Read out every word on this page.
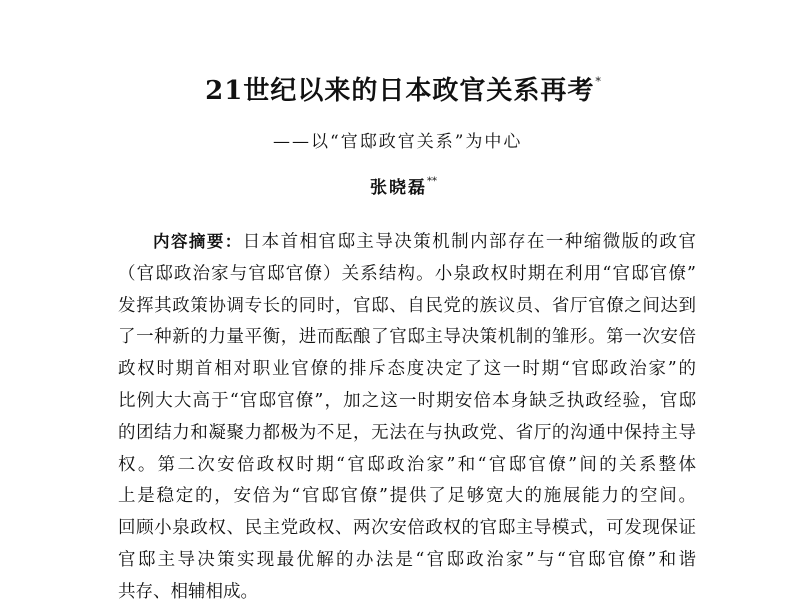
21世纪以来的日本政官关系再考*
——以“官邸政官关系”为中心
张晓磊**
内容摘要：日本首相官邸主导决策机制内部存在一种缩微版的政官
（官邸政治家与官邸官僚）关系结构。小泉政权时期在利用“官邸官僚”
发挥其政策协调专长的同时，官邸、自民党的族议员、省厅官僚之间达到
了一种新的力量平衡，进而酝酿了官邸主导决策机制的雏形。第一次安倍
政权时期首相对职业官僚的排斥态度决定了这一时期“官邸政治家”的
比例大大高于“官邸官僚”，加之这一时期安倍本身缺乏执政经验，官邸
的团结力和凝聚力都极为不足，无法在与执政党、省厅的沟通中保持主导
权。第二次安倍政权时期“官邸政治家”和“官邸官僚”间的关系整体
上是稳定的，安倍为“官邸官僚”提供了足够宽大的施展能力的空间。
回顾小泉政权、民主党政权、两次安倍政权的官邸主导模式，可发现保证
官邸主导决策实现最优解的办法是“官邸政治家”与“官邸官僚”和谐
共存、相辅相成。
